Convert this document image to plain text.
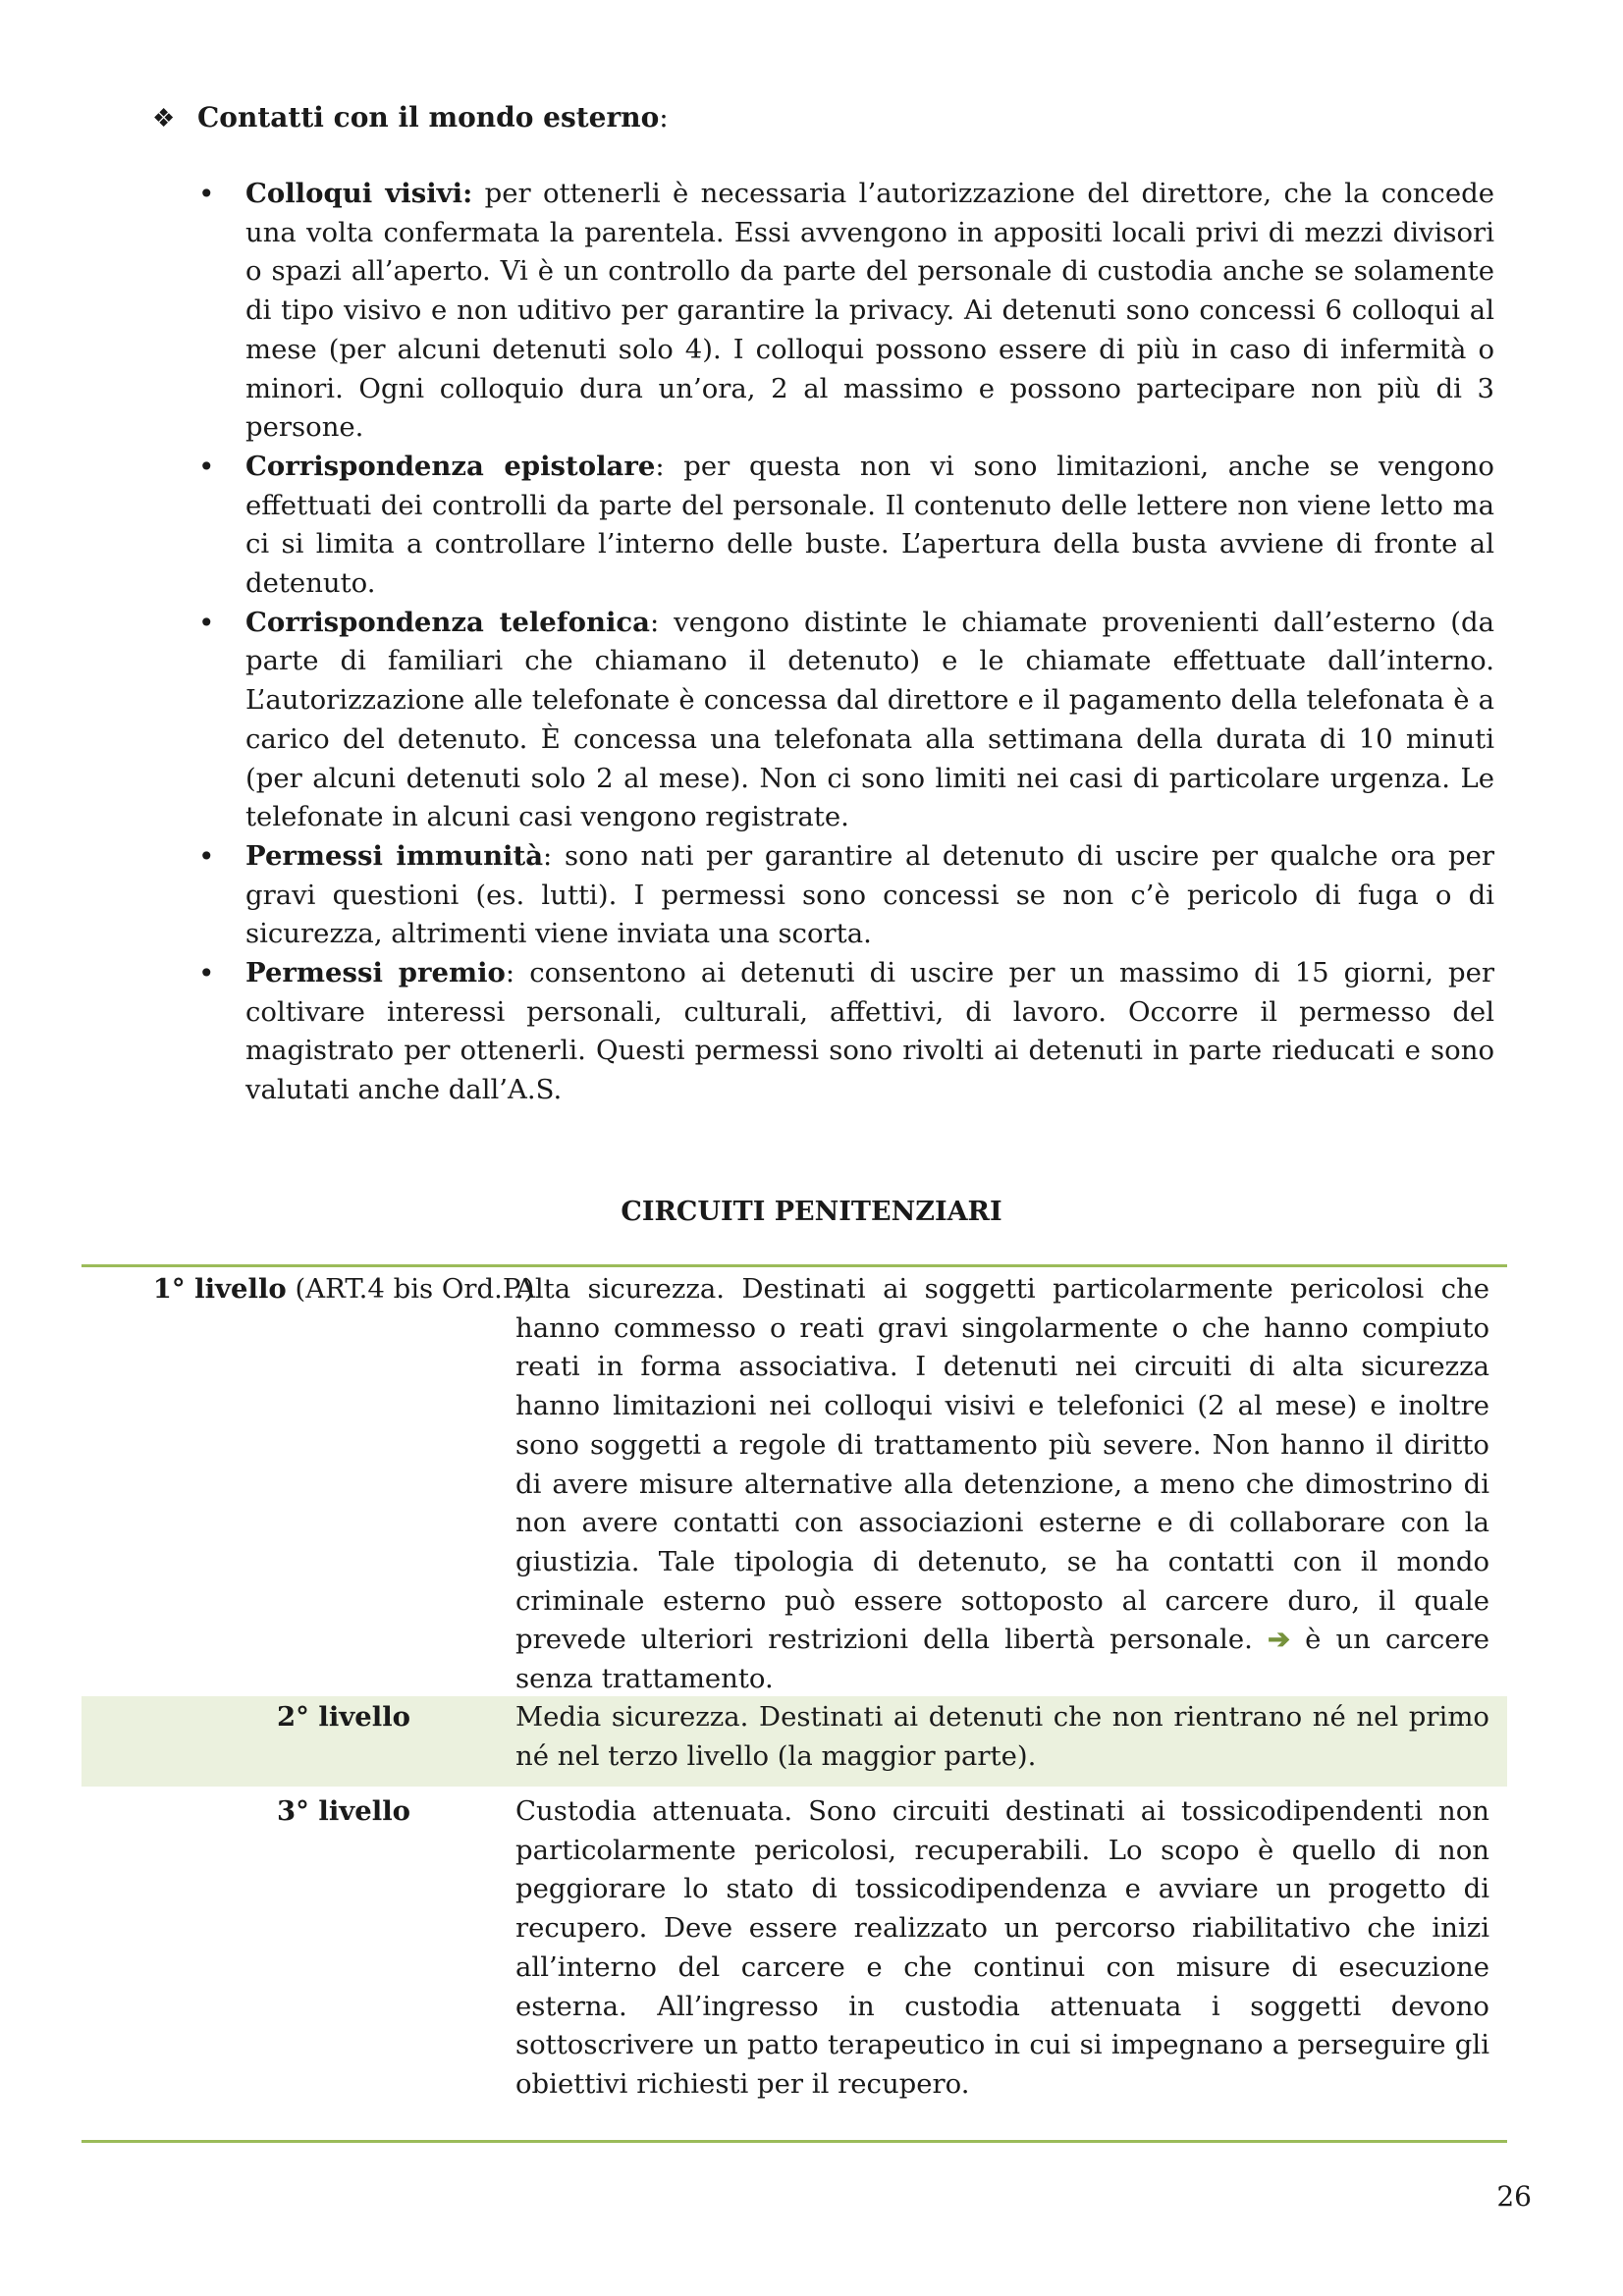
❖ Contatti con il mondo esterno:
• Colloqui visivi: per ottenerli è necessaria l’autorizzazione del direttore, che la concede una volta confermata la parentela. Essi avvengono in appositi locali privi di mezzi divisori o spazi all’aperto. Vi è un controllo da parte del personale di custodia anche se solamente di tipo visivo e non uditivo per garantire la privacy. Ai detenuti sono concessi 6 colloqui al mese (per alcuni detenuti solo 4). I colloqui possono essere di più in caso di infermità o minori. Ogni colloquio dura un’ora, 2 al massimo e possono partecipare non più di 3 persone.
• Corrispondenza epistolare: per questa non vi sono limitazioni, anche se vengono effettuati dei controlli da parte del personale. Il contenuto delle lettere non viene letto ma ci si limita a controllare l’interno delle buste. L’apertura della busta avviene di fronte al detenuto.
• Corrispondenza telefonica: vengono distinte le chiamate provenienti dall’esterno (da parte di familiari che chiamano il detenuto) e le chiamate effettuate dall’interno. L’autorizzazione alle telefonate è concessa dal direttore e il pagamento della telefonata è a carico del detenuto. È concessa una telefonata alla settimana della durata di 10 minuti (per alcuni detenuti solo 2 al mese). Non ci sono limiti nei casi di particolare urgenza. Le telefonate in alcuni casi vengono registrate.
• Permessi immunità: sono nati per garantire al detenuto di uscire per qualche ora per gravi questioni (es. lutti). I permessi sono concessi se non c’è pericolo di fuga o di sicurezza, altrimenti viene inviata una scorta.
• Permessi premio: consentono ai detenuti di uscire per un massimo di 15 giorni, per coltivare interessi personali, culturali, affettivi, di lavoro. Occorre il permesso del magistrato per ottenerli. Questi permessi sono rivolti ai detenuti in parte rieducati e sono valutati anche dall’A.S.
CIRCUITI PENITENZIARI
1° livello (ART.4 bis Ord.P.)
Alta sicurezza. Destinati ai soggetti particolarmente pericolosi che hanno commesso o reati gravi singolarmente o che hanno compiuto reati in forma associativa. I detenuti nei circuiti di alta sicurezza hanno limitazioni nei colloqui visivi e telefonici (2 al mese) e inoltre sono soggetti a regole di trattamento più severe. Non hanno il diritto di avere misure alternative alla detenzione, a meno che dimostrino di non avere contatti con associazioni esterne e di collaborare con la giustizia. Tale tipologia di detenuto, se ha contatti con il mondo criminale esterno può essere sottoposto al carcere duro, il quale prevede ulteriori restrizioni della libertà personale. ➔ è un carcere senza trattamento.
2° livello	Media sicurezza. Destinati ai detenuti che non rientrano né nel primo né nel terzo livello (la maggior parte).
3° livello	Custodia attenuata. Sono circuiti destinati ai tossicodipendenti non particolarmente pericolosi, recuperabili. Lo scopo è quello di non peggiorare lo stato di tossicodipendenza e avviare un progetto di recupero. Deve essere realizzato un percorso riabilitativo che inizi all’interno del carcere e che continui con misure di esecuzione esterna. All’ingresso in custodia attenuata i soggetti devono sottoscrivere un patto terapeutico in cui si impegnano a perseguire gli obiettivi richiesti per il recupero.
26
